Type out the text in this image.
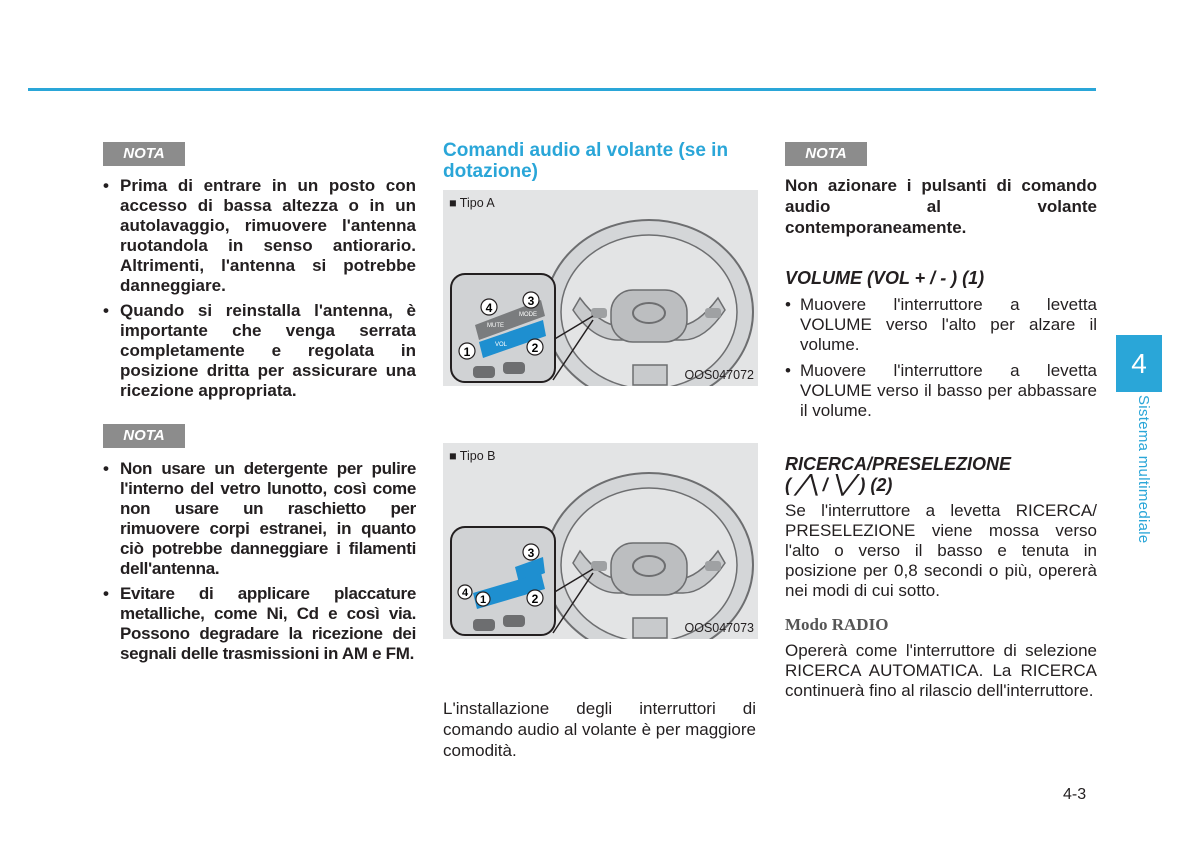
NOTA
• Prima di entrare in un posto con accesso di bassa altezza o in un autolavaggio, rimuovere l'antenna ruotandola in senso antiorario. Altrimenti, l'antenna si potrebbe danneggiare.
• Quando si reinstalla l'antenna, è importante che venga serrata completamente e regolata in posizione dritta per assicurare una ricezione appropriata.
NOTA
• Non usare un detergente per pulire l'interno del vetro lunotto, così come non usare un raschietto per rimuovere corpi estranei, in quanto ciò potrebbe danneggiare i filamenti dell'antenna.
• Evitare di applicare placcature metalliche, come Ni, Cd e così via. Possono degradare la ricezione dei segnali delle trasmissioni in AM e FM.
Comandi audio al volante (se in dotazione)
MUTE
MODE
VOL
4	3
1	2
■ Tipo A
OOS047072
3
4
1	2
■ Tipo B
OOS047073
L'installazione degli interruttori di comando audio al volante è per maggiore comodità.
NOTA
Non azionare i pulsanti di comando audio al volante contemporaneamente.
VOLUME (VOL + / - ) (1)
• Muovere l'interruttore a levetta VOLUME verso l'alto per alzare il volume.
• Muovere l'interruttore a levetta VOLUME verso il basso per abbassare il volume.
RICERCA/PRESELEZIONE
( ╱╲ / ╲╱ ) (2)
Se l'interruttore a levetta RICERCA/ PRESELEZIONE viene mossa verso l'alto o verso il basso e tenuta in posizione per 0,8 secondi o più, opererà nei modi di cui sotto.
Modo RADIO
Opererà come l'interruttore di selezione RICERCA AUTOMATICA. La RICERCA continuerà fino al rilascio dell'interruttore.
4
Sistema multimediale
4-3
